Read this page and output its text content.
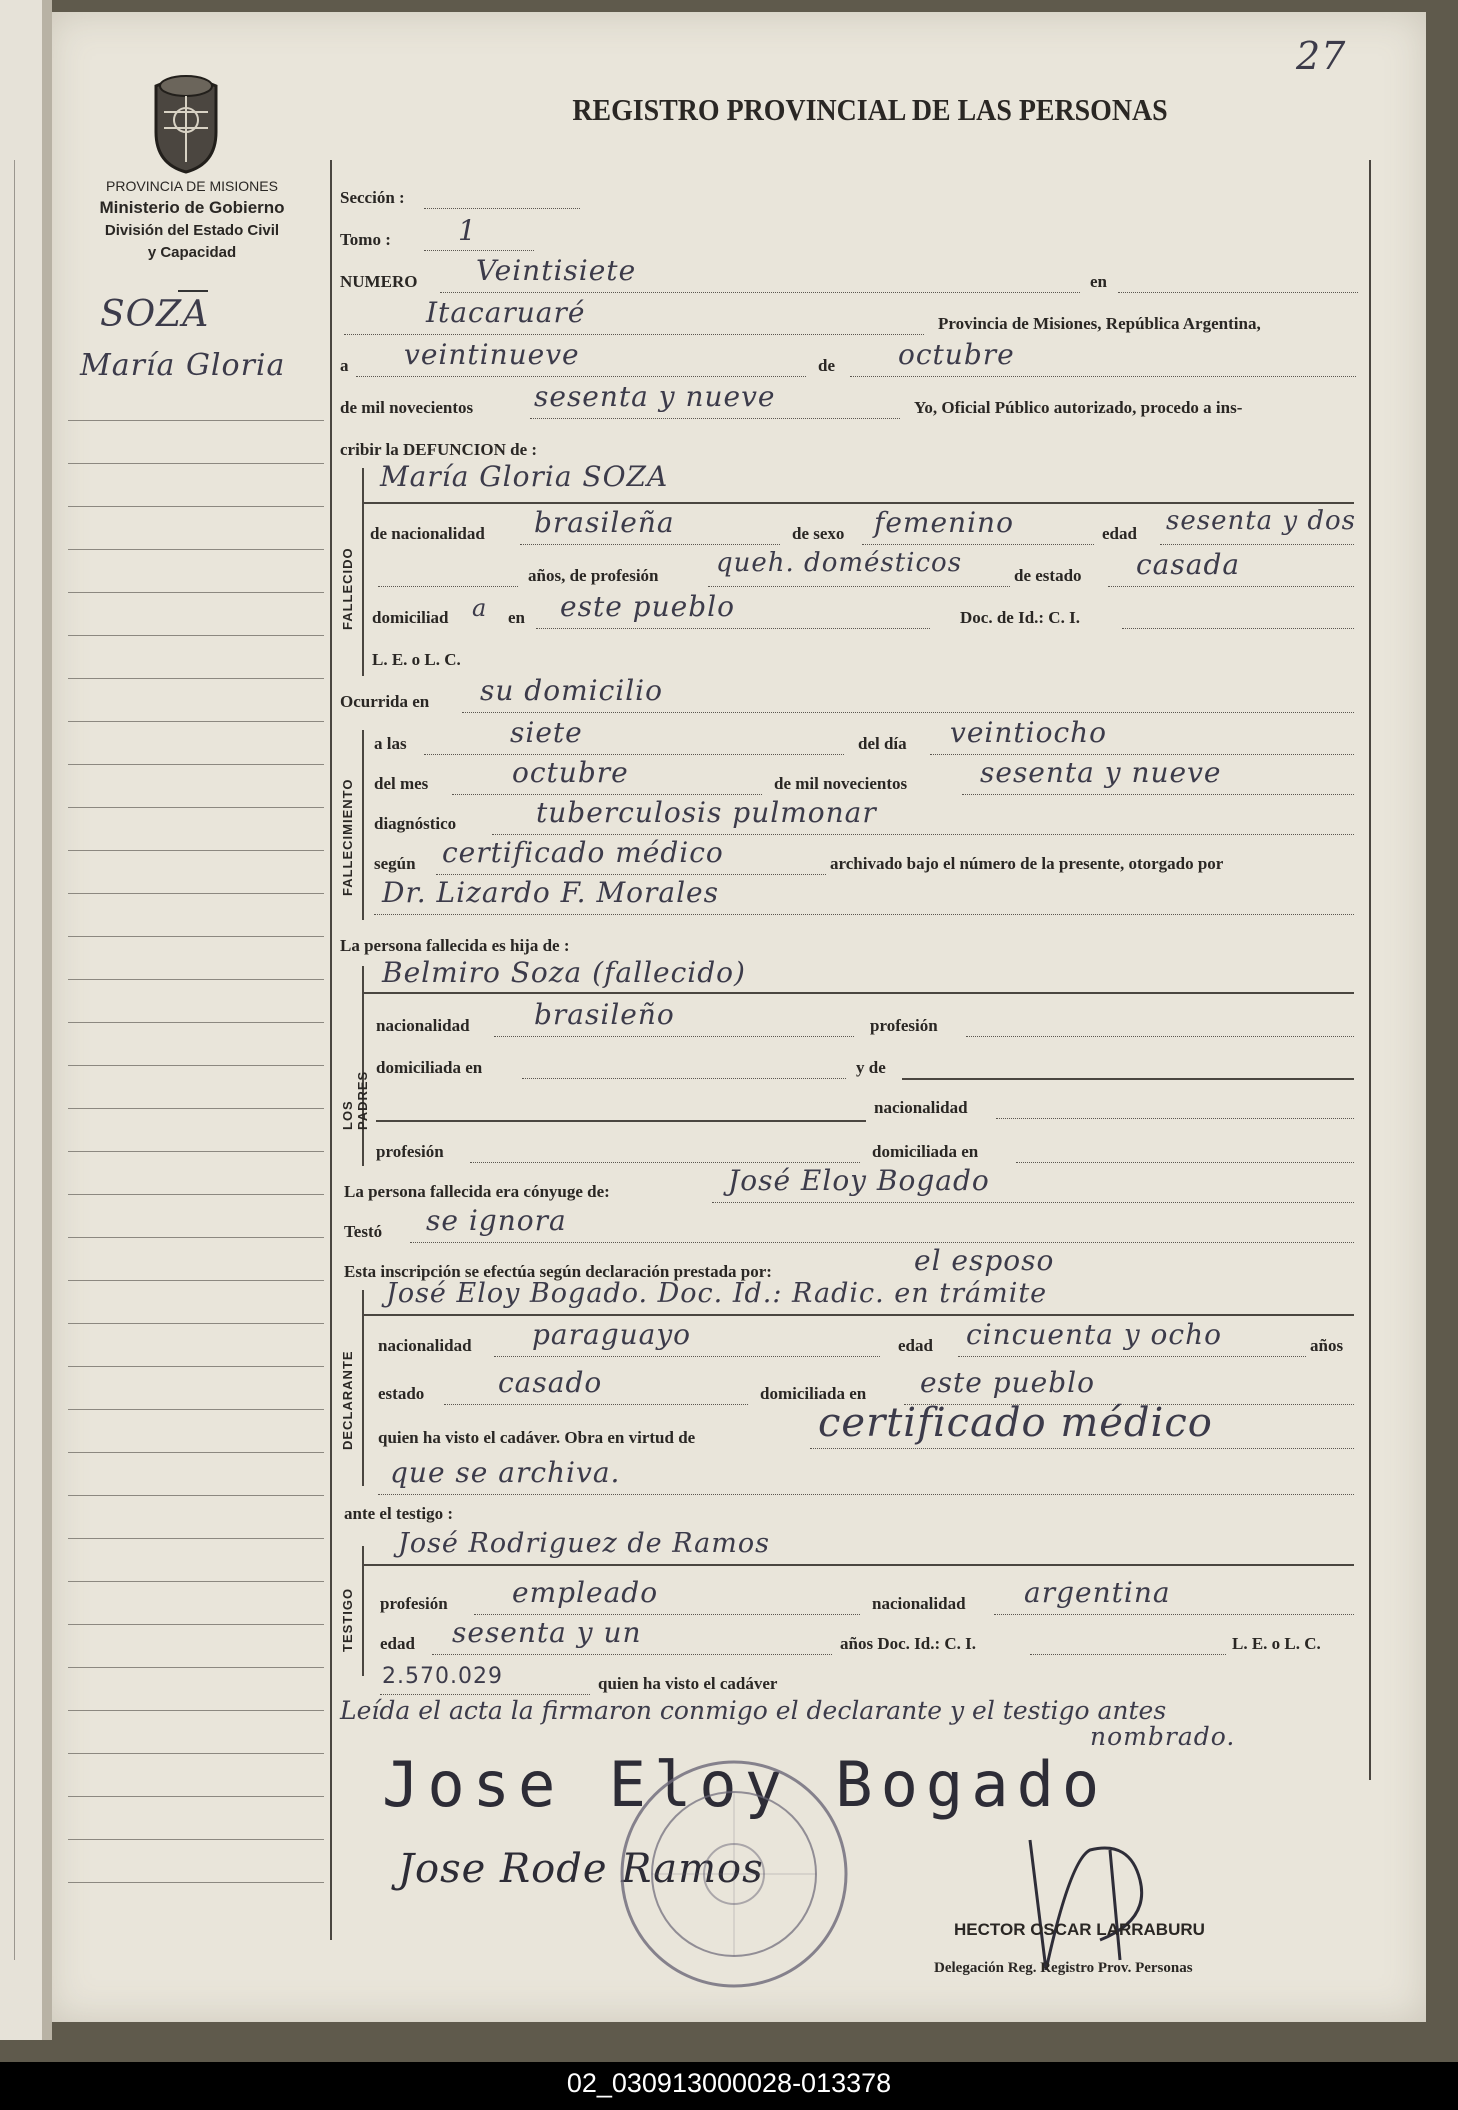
27
PROVINCIA DE MISIONES
Ministerio de Gobierno
División del Estado Civil
y Capacidad
REGISTRO PROVINCIAL DE LAS PERSONAS
SOZA
María Gloria
Sección :
Tomo : 1
NUMERO Veintisiete	en
Itacaruaré	Provincia de Misiones, República Argentina,
a veintinueve	de octubre
de mil novecientos sesenta y nueve	Yo, Oficial Público autorizado, procedo a ins-
cribir la DEFUNCION de :
FALLECIDO
María Gloria SOZA
de nacionalidad brasileña	de sexo femenino	edad sesenta y dos
años, de profesión queh. domésticos	de estado casada
domiciliad a en este pueblo	Doc. de Id.: C. I.
L. E. o L. C.
Ocurrida en su domicilio
FALLECIMIENTO
a las	siete	del día veintiocho
del mes	octubre	de mil novecientos	sesenta y nueve
diagnóstico	tuberculosis pulmonar
según certificado médico	archivado bajo el número de la presente, otorgado por
Dr. Lizardo F. Morales
La persona fallecida es hija de :
LOS PADRES
Belmiro Soza (fallecido)
nacionalidad brasileño	profesión
domiciliada en	y de
nacionalidad
profesión	domiciliada en
La persona fallecida era cónyuge de:	José Eloy Bogado
Testó se ignora
Esta inscripción se efectúa según declaración prestada por:	el esposo
DECLARANTE
José Eloy Bogado. Doc. Id.: Radic. en trámite
nacionalidad paraguayo	edad cincuenta y ocho	años
estado	casado	domiciliada en este pueblo
quien ha visto el cadáver. Obra en virtud de	certificado médico
que se archiva.
ante el testigo :
TESTIGO
José Rodriguez de Ramos
profesión empleado	nacionalidad argentina
edad sesenta y un	años Doc. Id.: C. I.	L. E. o L. C.
2.570.029	quien ha visto el cadáver
Leída el acta la firmaron conmigo el declarante y el testigo antes
nombrado.
Jose Eloy Bogado
Jose Rode Ramos
HECTOR OSCAR LARRABURU
Delegación Reg. Registro Prov. Personas
02_030913000028-013378
